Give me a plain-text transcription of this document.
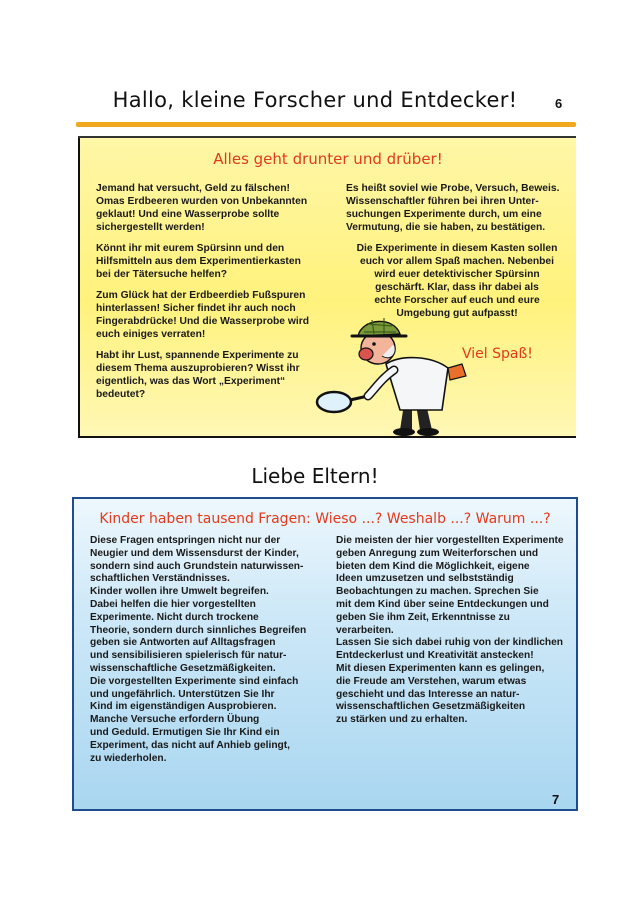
Hallo, kleine Forscher und Entdecker!	6
Alles geht drunter und drüber!

Jemand hat versucht, Geld zu fälschen!
Omas Erdbeeren wurden von Unbekannten
geklaut! Und eine Wasserprobe sollte
sichergestellt werden!

Könnt ihr mit eurem Spürsinn und den
Hilfsmitteln aus dem Experimentierkasten
bei der Tätersuche helfen?

Zum Glück hat der Erdbeerdieb Fußspuren
hinterlassen! Sicher findet ihr auch noch
Fingerabdrücke! Und die Wasserprobe wird
euch einiges verraten!

Habt ihr Lust, spannende Experimente zu
diesem Thema auszuprobieren? Wisst ihr
eigentlich, was das Wort „Experiment“
bedeutet?

Es heißt soviel wie Probe, Versuch, Beweis.
Wissenschaftler führen bei ihren Unter-
suchungen Experimente durch, um eine
Vermutung, die sie haben, zu bestätigen.

Die Experimente in diesem Kasten sollen
euch vor allem Spaß machen. Nebenbei
wird euer detektivischer Spürsinn
geschärft. Klar, dass ihr dabei als
echte Forscher auf euch und eure
Umgebung gut aufpasst!

Viel Spaß!
Liebe Eltern!
Kinder haben tausend Fragen: Wieso ...? Weshalb ...? Warum ...?

Diese Fragen entspringen nicht nur der

Neugier und dem Wissensdurst der Kinder,

sondern sind auch Grundstein naturwissen-

schaftlichen Verständnisses.

Kinder wollen ihre Umwelt begreifen.

Dabei helfen die hier vorgestellten

Experimente. Nicht durch trockene

Theorie, sondern durch sinnliches Begreifen

geben sie Antworten auf Alltagsfragen

und sensibilisieren spielerisch für natur-

wissenschaftliche Gesetzmäßigkeiten.

Die vorgestellten Experimente sind einfach

und ungefährlich. Unterstützen Sie Ihr

Kind im eigenständigen Ausprobieren.

Manche Versuche erfordern Übung

und Geduld. Ermutigen Sie Ihr Kind ein

Experiment, das nicht auf Anhieb gelingt,

zu wiederholen.

Die meisten der hier vorgestellten Experimente

geben Anregung zum Weiterforschen und

bieten dem Kind die Möglichkeit, eigene

Ideen umzusetzen und selbstständig

Beobachtungen zu machen. Sprechen Sie

mit dem Kind über seine Entdeckungen und

geben Sie ihm Zeit, Erkenntnisse zu verarbeiten.

Lassen Sie sich dabei ruhig von der kindlichen

Entdeckerlust und Kreativität anstecken!

Mit diesen Experimenten kann es gelingen,

die Freude am Verstehen, warum etwas

geschieht und das Interesse an natur-

wissenschaftlichen Gesetzmäßigkeiten

zu stärken und zu erhalten.

7
